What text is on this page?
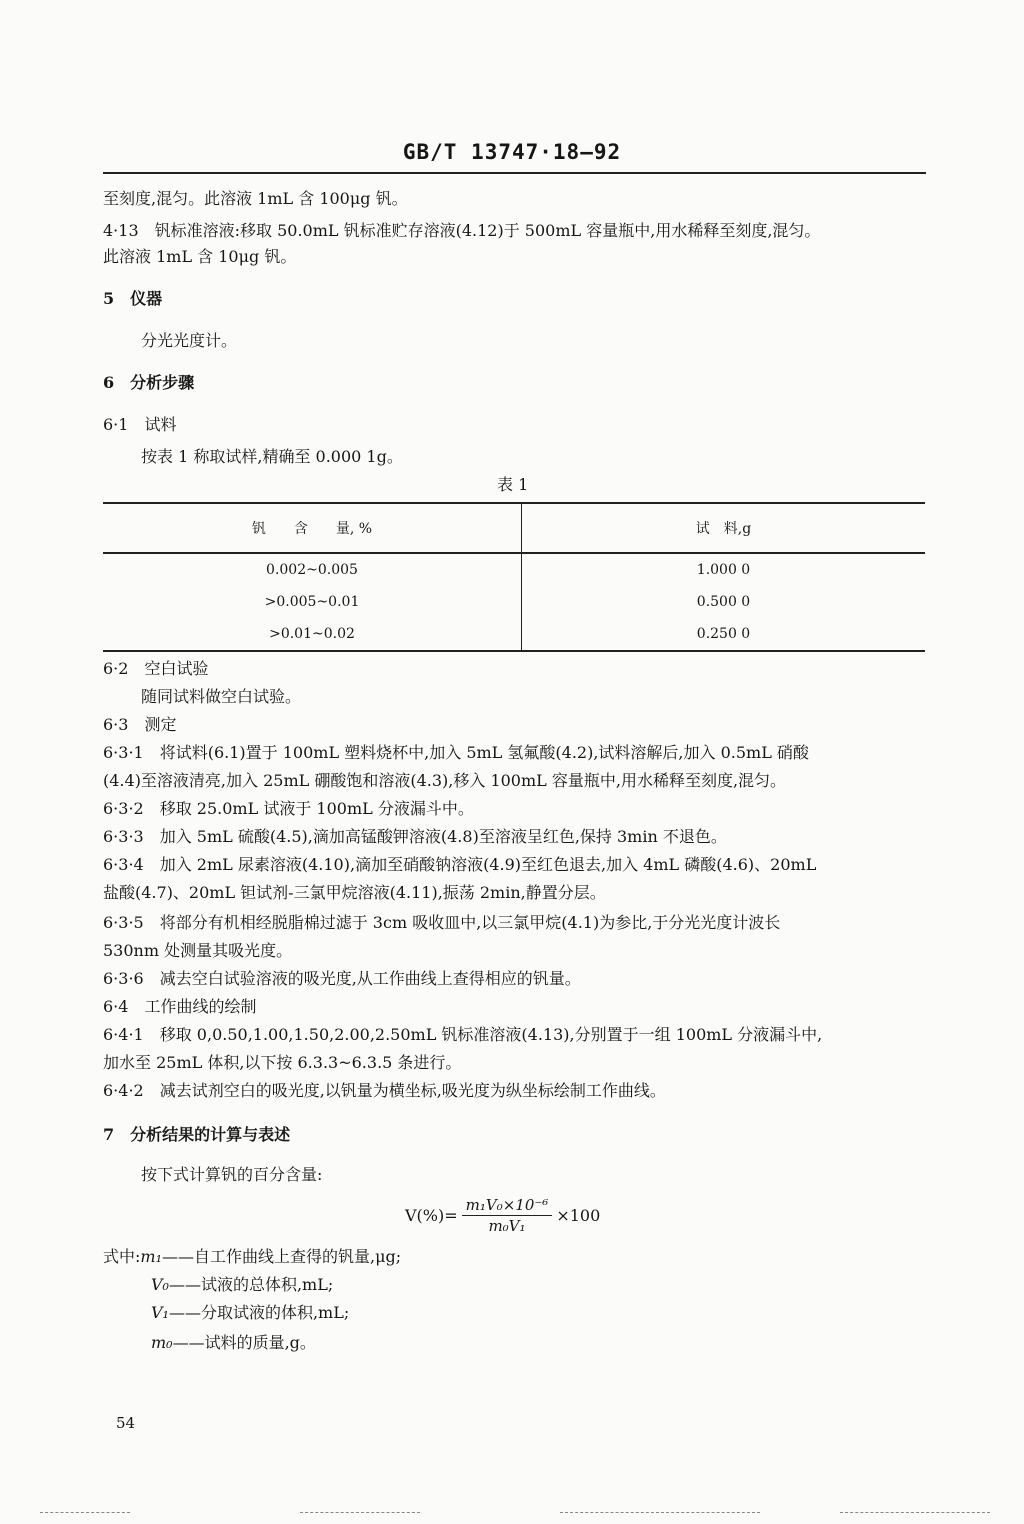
GB/T 13747·18—92
至刻度,混匀。此溶液 1mL 含 100μg 钒。
4·13 钒标准溶液:移取 50.0mL 钒标准贮存溶液(4.12)于 500mL 容量瓶中,用水稀释至刻度,混匀。
此溶液 1mL 含 10μg 钒。
5 仪器
分光光度计。
6 分析步骤
6·1 试料
按表 1 称取试样,精确至 0.000 1g。
表 1
钒　　含　　量, %	试　料,g
0.002~0.005	1.000 0
>0.005~0.01	0.500 0
>0.01~0.02	0.250 0
6·2 空白试验
随同试料做空白试验。
6·3 测定
6·3·1 将试料(6.1)置于 100mL 塑料烧杯中,加入 5mL 氢氟酸(4.2),试料溶解后,加入 0.5mL 硝酸
(4.4)至溶液清亮,加入 25mL 硼酸饱和溶液(4.3),移入 100mL 容量瓶中,用水稀释至刻度,混匀。
6·3·2 移取 25.0mL 试液于 100mL 分液漏斗中。
6·3·3 加入 5mL 硫酸(4.5),滴加高锰酸钾溶液(4.8)至溶液呈红色,保持 3min 不退色。
6·3·4 加入 2mL 尿素溶液(4.10),滴加至硝酸钠溶液(4.9)至红色退去,加入 4mL 磷酸(4.6)、20mL
盐酸(4.7)、20mL 钽试剂-三氯甲烷溶液(4.11),振荡 2min,静置分层。
6·3·5 将部分有机相经脱脂棉过滤于 3cm 吸收皿中,以三氯甲烷(4.1)为参比,于分光光度计波长
530nm 处测量其吸光度。
6·3·6 减去空白试验溶液的吸光度,从工作曲线上查得相应的钒量。
6·4 工作曲线的绘制
6·4·1 移取 0,0.50,1.00,1.50,2.00,2.50mL 钒标准溶液(4.13),分别置于一组 100mL 分液漏斗中,
加水至 25mL 体积,以下按 6.3.3~6.3.5 条进行。
6·4·2 减去试剂空白的吸光度,以钒量为横坐标,吸光度为纵坐标绘制工作曲线。
7 分析结果的计算与表述
按下式计算钒的百分含量:
$V(\%)= \frac{\text{m₁V₀×10⁻⁶}}{\text{m₀V₁}} \times 100$
式中:m₁——自工作曲线上查得的钒量,μg;
V₀——试液的总体积,mL;
V₁——分取试液的体积,mL;
m₀——试料的质量,g。
54
